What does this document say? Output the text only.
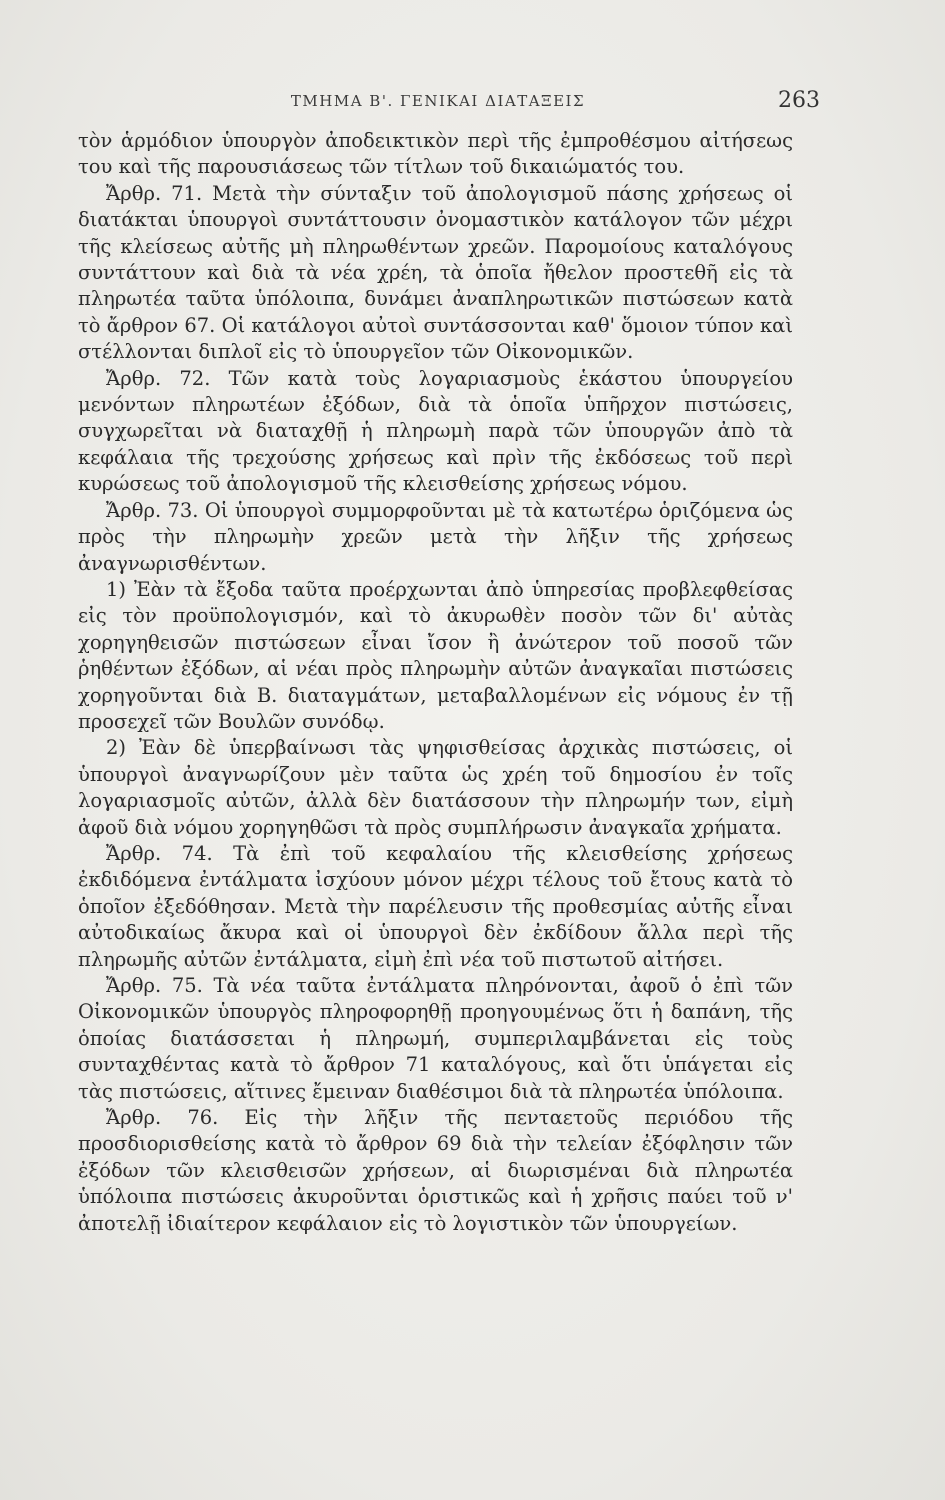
ΤΜΗΜΑ Β'. ΓΕΝΙΚΑΙ ΔΙΑΤΑΞΕΙΣ	263

τὸν ἁρμόδιον ὑπουργὸν ἀποδεικτικὸν περὶ τῆς ἐμπροθέσμου αἰτήσεως του καὶ τῆς παρουσιάσεως τῶν τίτλων τοῦ δικαιώματός του.

Ἄρθρ. 71. Μετὰ τὴν σύνταξιν τοῦ ἀπολογισμοῦ πάσης χρήσεως οἱ διατάκται ὑπουργοὶ συντάττουσιν ὀνομαστικὸν κατάλογον τῶν μέχρι τῆς κλείσεως αὐτῆς μὴ πληρωθέντων χρεῶν. Παρομοίους καταλόγους συντάττουν καὶ διὰ τὰ νέα χρέη, τὰ ὁποῖα ἤθελον προστεθῆ εἰς τὰ πληρωτέα ταῦτα ὑπόλοιπα, δυνάμει ἀναπληρωτικῶν πιστώσεων κατὰ τὸ ἄρθρον 67. Οἱ κατάλογοι αὐτοὶ συντάσσονται καθ' ὅμοιον τύπον καὶ στέλλονται διπλοῖ εἰς τὸ ὑπουργεῖον τῶν Οἰκονομικῶν.

Ἄρθρ. 72. Τῶν κατὰ τοὺς λογαριασμοὺς ἑκάστου ὑπουργείου μενόντων πληρωτέων ἐξόδων, διὰ τὰ ὁποῖα ὑπῆρχον πιστώσεις, συγχωρεῖται νὰ διαταχθῇ ἡ πληρωμὴ παρὰ τῶν ὑπουργῶν ἀπὸ τὰ κεφάλαια τῆς τρεχούσης χρήσεως καὶ πρὶν τῆς ἐκδόσεως τοῦ περὶ κυρώσεως τοῦ ἀπολογισμοῦ τῆς κλεισθείσης χρήσεως νόμου.

Ἄρθρ. 73. Οἱ ὑπουργοὶ συμμορφοῦνται μὲ τὰ κατωτέρω ὁριζόμενα ὡς πρὸς τὴν πληρωμὴν χρεῶν μετὰ τὴν λῆξιν τῆς χρήσεως ἀναγνωρισθέντων.

1) Ἐὰν τὰ ἔξοδα ταῦτα προέρχωνται ἀπὸ ὑπηρεσίας προβλεφθείσας εἰς τὸν προϋπολογισμόν, καὶ τὸ ἀκυρωθὲν ποσὸν τῶν δι' αὐτὰς χορηγηθεισῶν πιστώσεων εἶναι ἴσον ἢ ἀνώτερον τοῦ ποσοῦ τῶν ῥηθέντων ἐξόδων, αἱ νέαι πρὸς πληρωμὴν αὐτῶν ἀναγκαῖαι πιστώσεις χορηγοῦνται διὰ Β. διαταγμάτων, μεταβαλλομένων εἰς νόμους ἐν τῇ προσεχεῖ τῶν Βουλῶν συνόδῳ.

2) Ἐὰν δὲ ὑπερβαίνωσι τὰς ψηφισθείσας ἀρχικὰς πιστώσεις, οἱ ὑπουργοὶ ἀναγνωρίζουν μὲν ταῦτα ὡς χρέη τοῦ δημοσίου ἐν τοῖς λογαριασμοῖς αὐτῶν, ἀλλὰ δὲν διατάσσουν τὴν πληρωμήν των, εἰμὴ ἀφοῦ διὰ νόμου χορηγηθῶσι τὰ πρὸς συμπλήρωσιν ἀναγκαῖα χρήματα.

Ἄρθρ. 74. Τὰ ἐπὶ τοῦ κεφαλαίου τῆς κλεισθείσης χρήσεως ἐκδιδόμενα ἐντάλματα ἰσχύουν μόνον μέχρι τέλους τοῦ ἔτους κατὰ τὸ ὁποῖον ἐξεδόθησαν. Μετὰ τὴν παρέλευσιν τῆς προθεσμίας αὐτῆς εἶναι αὐτοδικαίως ἄκυρα καὶ οἱ ὑπουργοὶ δὲν ἐκδίδουν ἄλλα περὶ τῆς πληρωμῆς αὐτῶν ἐντάλματα, εἰμὴ ἐπὶ νέα τοῦ πιστωτοῦ αἰτήσει.

Ἄρθρ. 75. Τὰ νέα ταῦτα ἐντάλματα πληρόνονται, ἀφοῦ ὁ ἐπὶ τῶν Οἰκονομικῶν ὑπουργὸς πληροφορηθῇ προηγουμένως ὅτι ἡ δαπάνη, τῆς ὁποίας διατάσσεται ἡ πληρωμή, συμπεριλαμβάνεται εἰς τοὺς συνταχθέντας κατὰ τὸ ἄρθρον 71 καταλόγους, καὶ ὅτι ὑπάγεται εἰς τὰς πιστώσεις, αἵτινες ἔμειναν διαθέσιμοι διὰ τὰ πληρωτέα ὑπόλοιπα.

Ἄρθρ. 76. Εἰς τὴν λῆξιν τῆς πενταετοῦς περιόδου τῆς προσδιορισθείσης κατὰ τὸ ἄρθρον 69 διὰ τὴν τελείαν ἐξόφλησιν τῶν ἐξόδων τῶν κλεισθεισῶν χρήσεων, αἱ διωρισμέναι διὰ πληρωτέα ὑπόλοιπα πιστώσεις ἀκυροῦνται ὁριστικῶς καὶ ἡ χρῆσις παύει τοῦ ν' ἀποτελῇ ἰδιαίτερον κεφάλαιον εἰς τὸ λογιστικὸν τῶν ὑπουργείων.
